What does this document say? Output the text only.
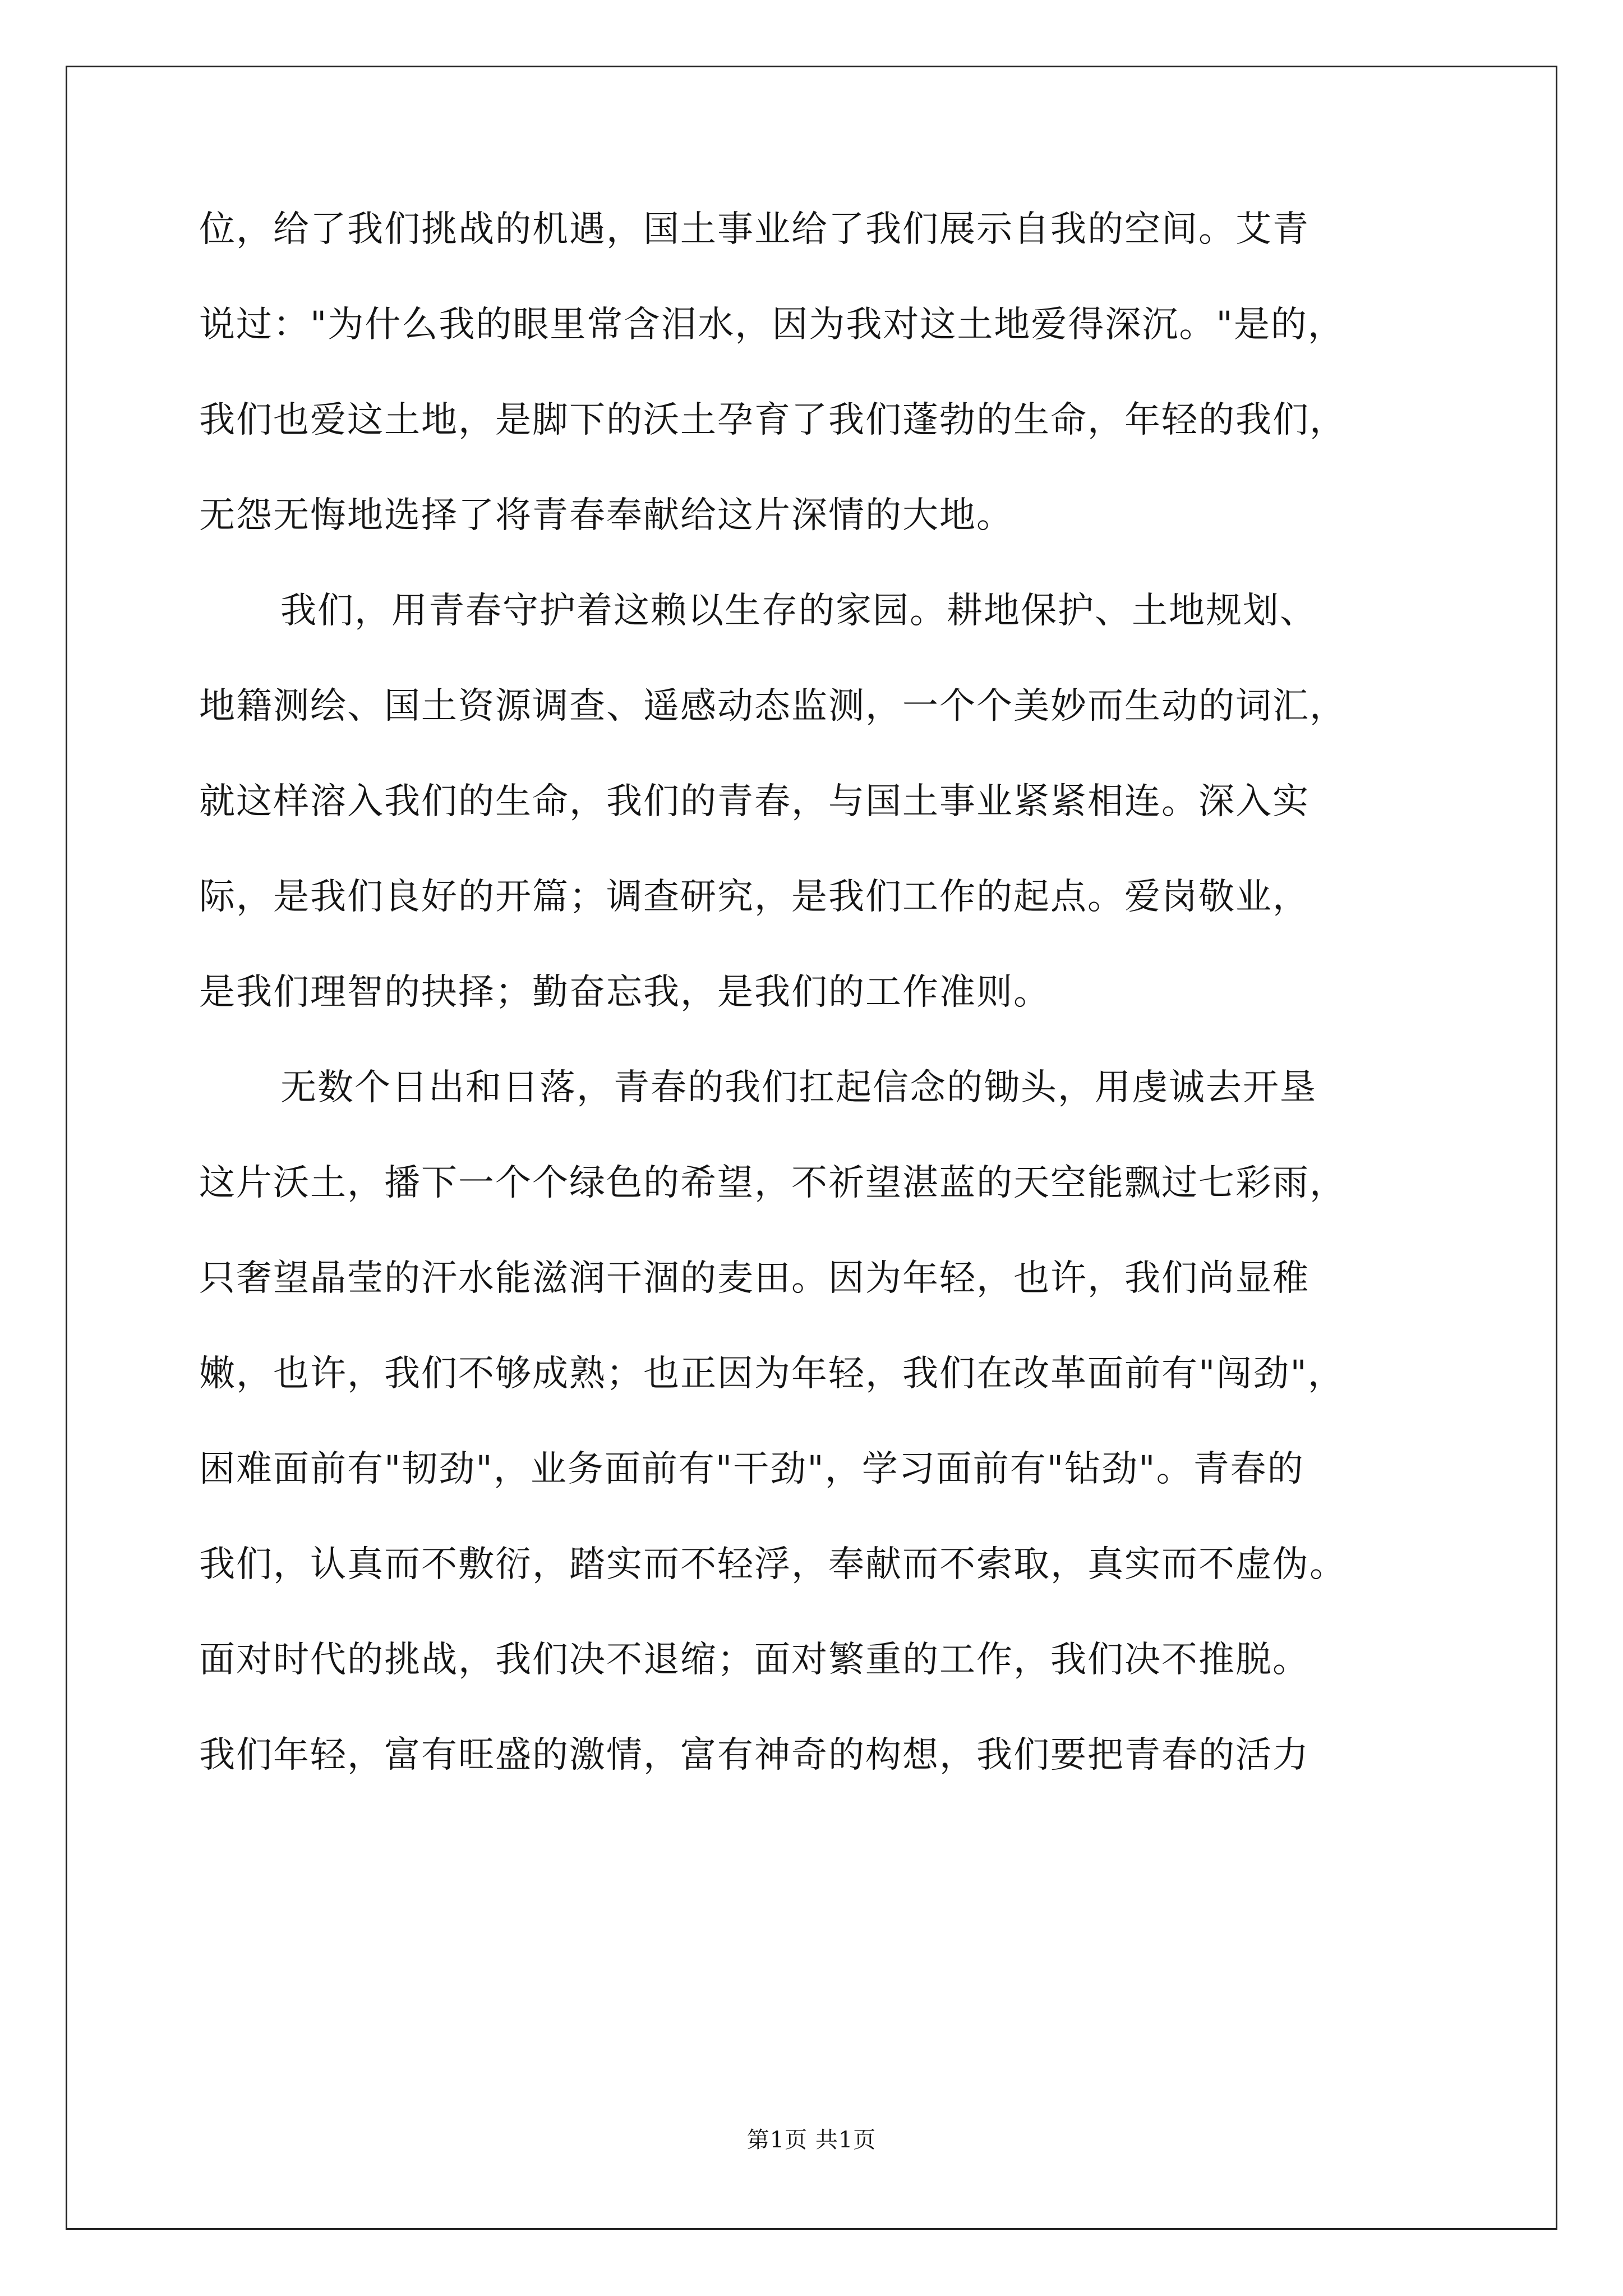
位，给了我们挑战的机遇，国土事业给了我们展示自我的空间。艾青
说过："为什么我的眼里常含泪水，因为我对这土地爱得深沉。"是的，
我们也爱这土地，是脚下的沃土孕育了我们蓬勃的生命，年轻的我们，
无怨无悔地选择了将青春奉献给这片深情的大地。
我们，用青春守护着这赖以生存的家园。耕地保护、土地规划、
地籍测绘、国土资源调查、遥感动态监测，一个个美妙而生动的词汇，
就这样溶入我们的生命，我们的青春，与国土事业紧紧相连。深入实
际，是我们良好的开篇；调查研究，是我们工作的起点。爱岗敬业，
是我们理智的抉择；勤奋忘我，是我们的工作准则。
无数个日出和日落，青春的我们扛起信念的锄头，用虔诚去开垦
这片沃土，播下一个个绿色的希望，不祈望湛蓝的天空能飘过七彩雨，
只奢望晶莹的汗水能滋润干涸的麦田。因为年轻，也许，我们尚显稚
嫩，也许，我们不够成熟；也正因为年轻，我们在改革面前有"闯劲"，
困难面前有"韧劲"，业务面前有"干劲"，学习面前有"钻劲"。青春的
我们，认真而不敷衍，踏实而不轻浮，奉献而不索取，真实而不虚伪。
面对时代的挑战，我们决不退缩；面对繁重的工作，我们决不推脱。
我们年轻，富有旺盛的激情，富有神奇的构想，我们要把青春的活力
第1页 共1页
